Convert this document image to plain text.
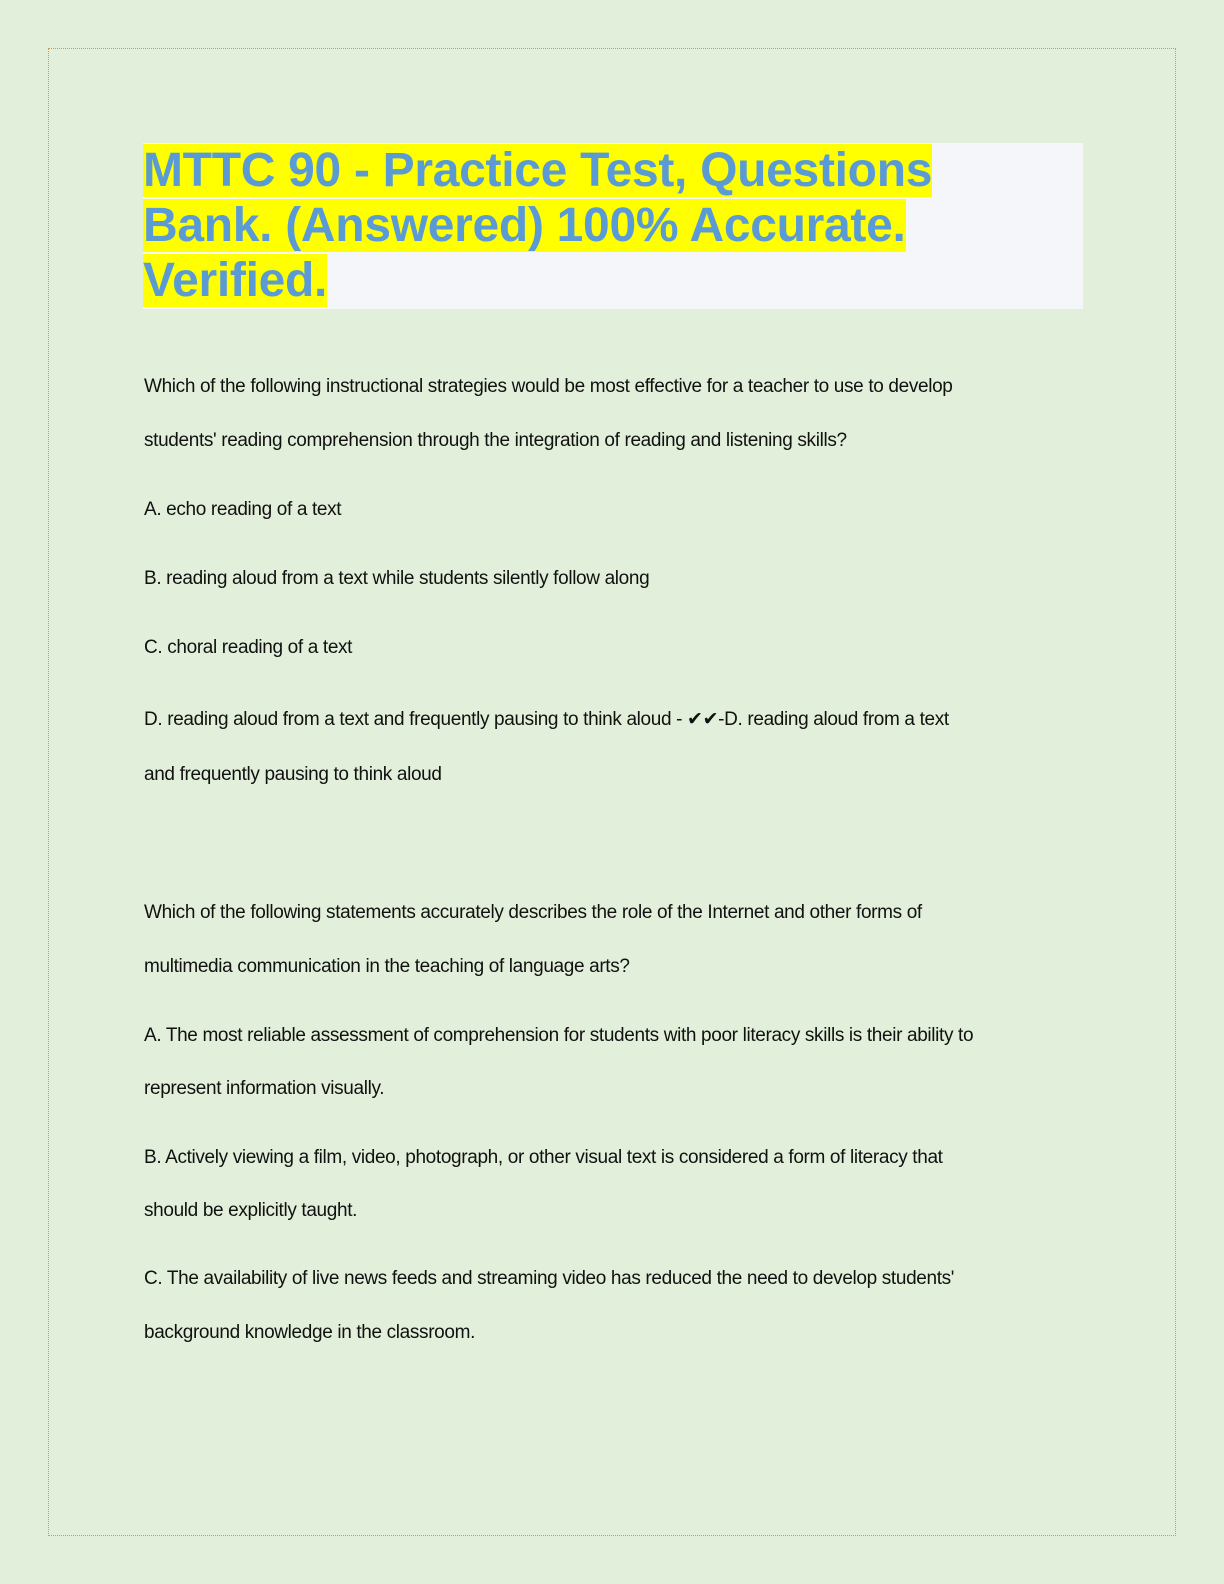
MTTC 90 - Practice Test, Questions
Bank. (Answered) 100% Accurate.
Verified.
Which of the following instructional strategies would be most effective for a teacher to use to develop
students' reading comprehension through the integration of reading and listening skills?
A. echo reading of a text
B. reading aloud from a text while students silently follow along
C. choral reading of a text
D. reading aloud from a text and frequently pausing to think aloud - ✔✔-D. reading aloud from a text
and frequently pausing to think aloud
Which of the following statements accurately describes the role of the Internet and other forms of
multimedia communication in the teaching of language arts?
A. The most reliable assessment of comprehension for students with poor literacy skills is their ability to
represent information visually.
B. Actively viewing a film, video, photograph, or other visual text is considered a form of literacy that
should be explicitly taught.
C. The availability of live news feeds and streaming video has reduced the need to develop students'
background knowledge in the classroom.
